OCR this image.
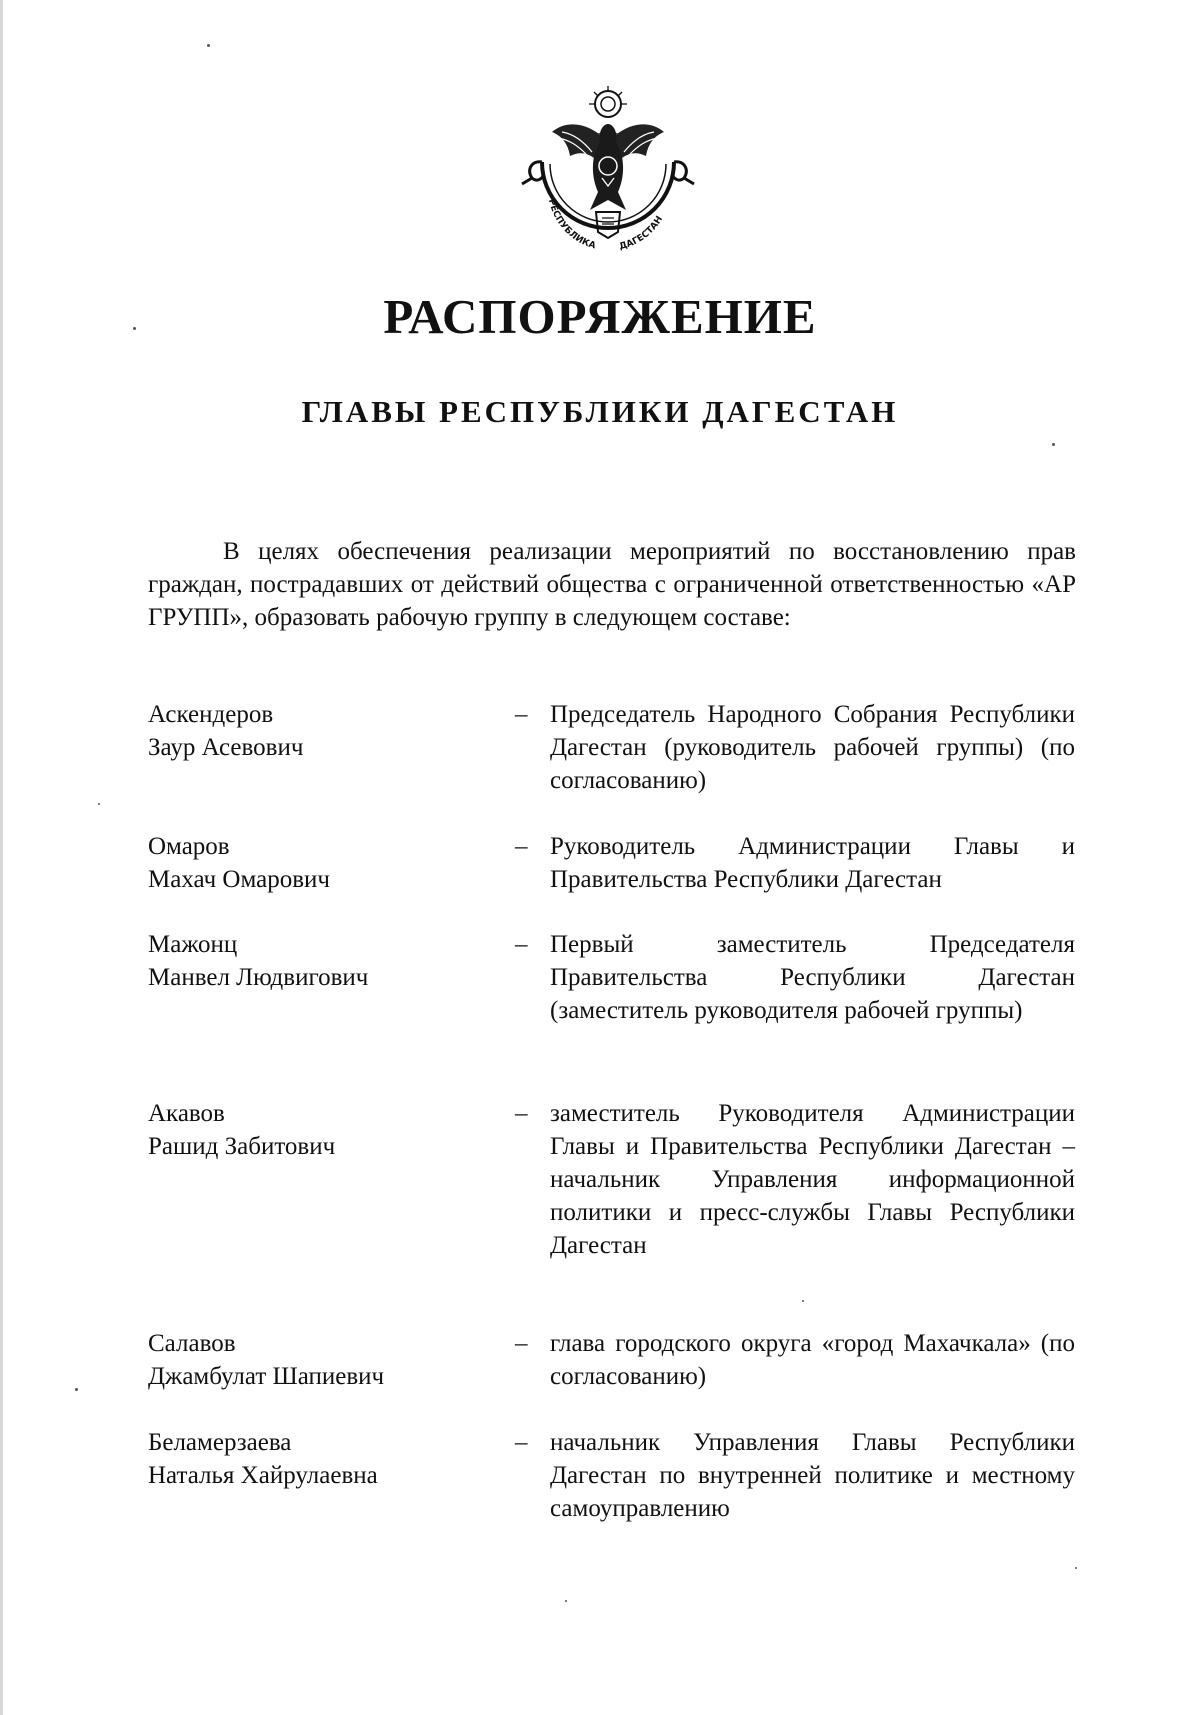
РЕСПУБЛИКА ДАГЕСТАН
РАСПОРЯЖЕНИЕ
ГЛАВЫ РЕСПУБЛИКИ ДАГЕСТАН

В целях обеспечения реализации мероприятий по восстановлению прав граждан, пострадавших от действий общества с ограниченной ответственностью «АР ГРУПП», образовать рабочую группу в следующем составе:

Аскендеров
Заур Асевович
– Председатель Народного Собрания Республики Дагестан (руководитель рабочей группы) (по согласованию)

Омаров
Махач Омарович
– Руководитель Администрации Главы и Правительства Республики Дагестан

Мажонц
Манвел Людвигович
– Первый заместитель Председателя Правительства Республики Дагестан (заместитель руководителя рабочей группы)

Акавов
Рашид Забитович
– заместитель Руководителя Администрации Главы и Правительства Республики Дагестан – начальник Управления информационной политики и пресс-службы Главы Республики Дагестан

Салавов
Джамбулат Шапиевич
– глава городского округа «город Махачкала» (по согласованию)

Беламерзаева
Наталья Хайрулаевна
– начальник Управления Главы Республики Дагестан по внутренней политике и местному самоуправлению
